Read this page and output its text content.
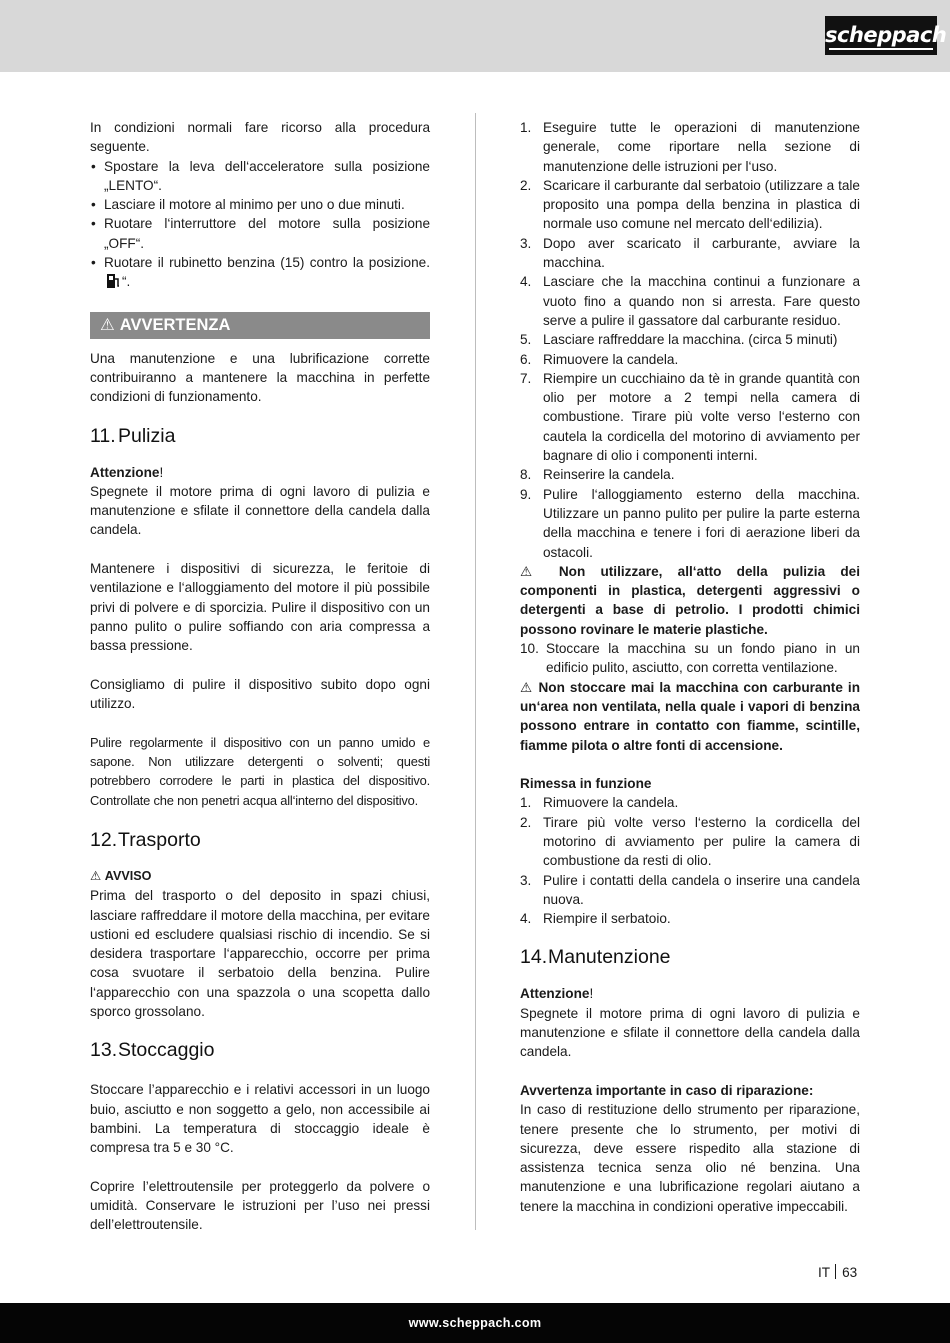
scheppach

In condizioni normali fare ricorso alla procedura seguente.

• Spostare la leva dell‘acceleratore sulla posizione „LENTO“.
• Lasciare il motore al minimo per uno o due minuti.
• Ruotare l‘interruttore del motore sulla posizione „OFF“.
• Ruotare il rubinetto benzina (15) contro la posizione.“.
⚠ AVVERTENZA

Una manutenzione e una lubrificazione corrette contribuiranno a mantenere la macchina in perfette condizioni di funzionamento.

11. Pulizia

Attenzione!

Spegnete il motore prima di ogni lavoro di pulizia e manutenzione e sfilate il connettore della candela dalla candela.

Mantenere i dispositivi di sicurezza, le feritoie di ventilazione e l‘alloggiamento del motore il più possibile privi di polvere e di sporcizia. Pulire il dispositivo con un panno pulito o pulire soffiando con aria compressa a bassa pressione.

Consigliamo di pulire il dispositivo subito dopo ogni utilizzo.

Pulire regolarmente il dispositivo con un panno umido e sapone. Non utilizzare detergenti o solventi; questi potrebbero corrodere le parti in plastica del dispositivo. Controllate che non penetri acqua all‘interno del dispositivo.

12.Trasporto

⚠ AVVISO

Prima del trasporto o del deposito in spazi chiusi, lasciare raffreddare il motore della macchina, per evitare ustioni ed escludere qualsiasi rischio di incendio. Se si desidera trasportare l‘apparecchio, occorre per prima cosa svuotare il serbatoio della benzina. Pulire l‘apparecchio con una spazzola o una scopetta dallo sporco grossolano.

13.Stoccaggio

Stoccare l’apparecchio e i relativi accessori in un luogo buio, asciutto e non soggetto a gelo, non accessibile ai bambini. La temperatura di stoccaggio ideale è compresa tra 5 e 30 °C.

Coprire l’elettroutensile per proteggerlo da polvere o umidità. Conservare le istruzioni per l’uso nei pressi dell’elettroutensile.

1. Eseguire tutte le operazioni di manutenzione generale, come riportare nella sezione di manutenzione delle istruzioni per l‘uso.
2. Scaricare il carburante dal serbatoio (utilizzare a tale proposito una pompa della benzina in plastica di normale uso comune nel mercato dell‘edilizia).
3. Dopo aver scaricato il carburante, avviare la macchina.
4. Lasciare che la macchina continui a funzionare a vuoto fino a quando non si arresta. Fare questo serve a pulire il gassatore dal carburante residuo.
5. Lasciare raffreddare la macchina. (circa 5 minuti)
6. Rimuovere la candela.
7. Riempire un cucchiaino da tè in grande quantità con olio per motore a 2 tempi nella camera di combustione. Tirare più volte verso l‘esterno con cautela la cordicella del motorino di avviamento per bagnare di olio i componenti interni.
8. Reinserire la candela.
9. Pulire l‘alloggiamento esterno della macchina. Utilizzare un panno pulito per pulire la parte esterna della macchina e tenere i fori di aerazione liberi da ostacoli.

⚠ Non utilizzare, all‘atto della pulizia dei componenti in plastica, detergenti aggressivi o detergenti a base di petrolio. I prodotti chimici possono rovinare le materie plastiche.

10. Stoccare la macchina su un fondo piano in un edificio pulito, asciutto, con corretta ventilazione.

⚠ Non stoccare mai la macchina con carburante in un‘area non ventilata, nella quale i vapori di benzina possono entrare in contatto con fiamme, scintille, fiamme pilota o altre fonti di accensione.

Rimessa in funzione

1. Rimuovere la candela.
2. Tirare più volte verso l‘esterno la cordicella del motorino di avviamento per pulire la camera di combustione da resti di olio.
3. Pulire i contatti della candela o inserire una candela nuova.
4. Riempire il serbatoio.
14.Manutenzione

Attenzione!

Spegnete il motore prima di ogni lavoro di pulizia e manutenzione e sfilate il connettore della candela dalla candela.

Avvertenza importante in caso di riparazione:

In caso di restituzione dello strumento per riparazione, tenere presente che lo strumento, per motivi di sicurezza, deve essere rispedito alla stazione di assistenza tecnica senza olio né benzina. Una manutenzione e una lubrificazione regolari aiutano a tenere la macchina in condizioni operative impeccabili.

IT 63
www.scheppach.com
